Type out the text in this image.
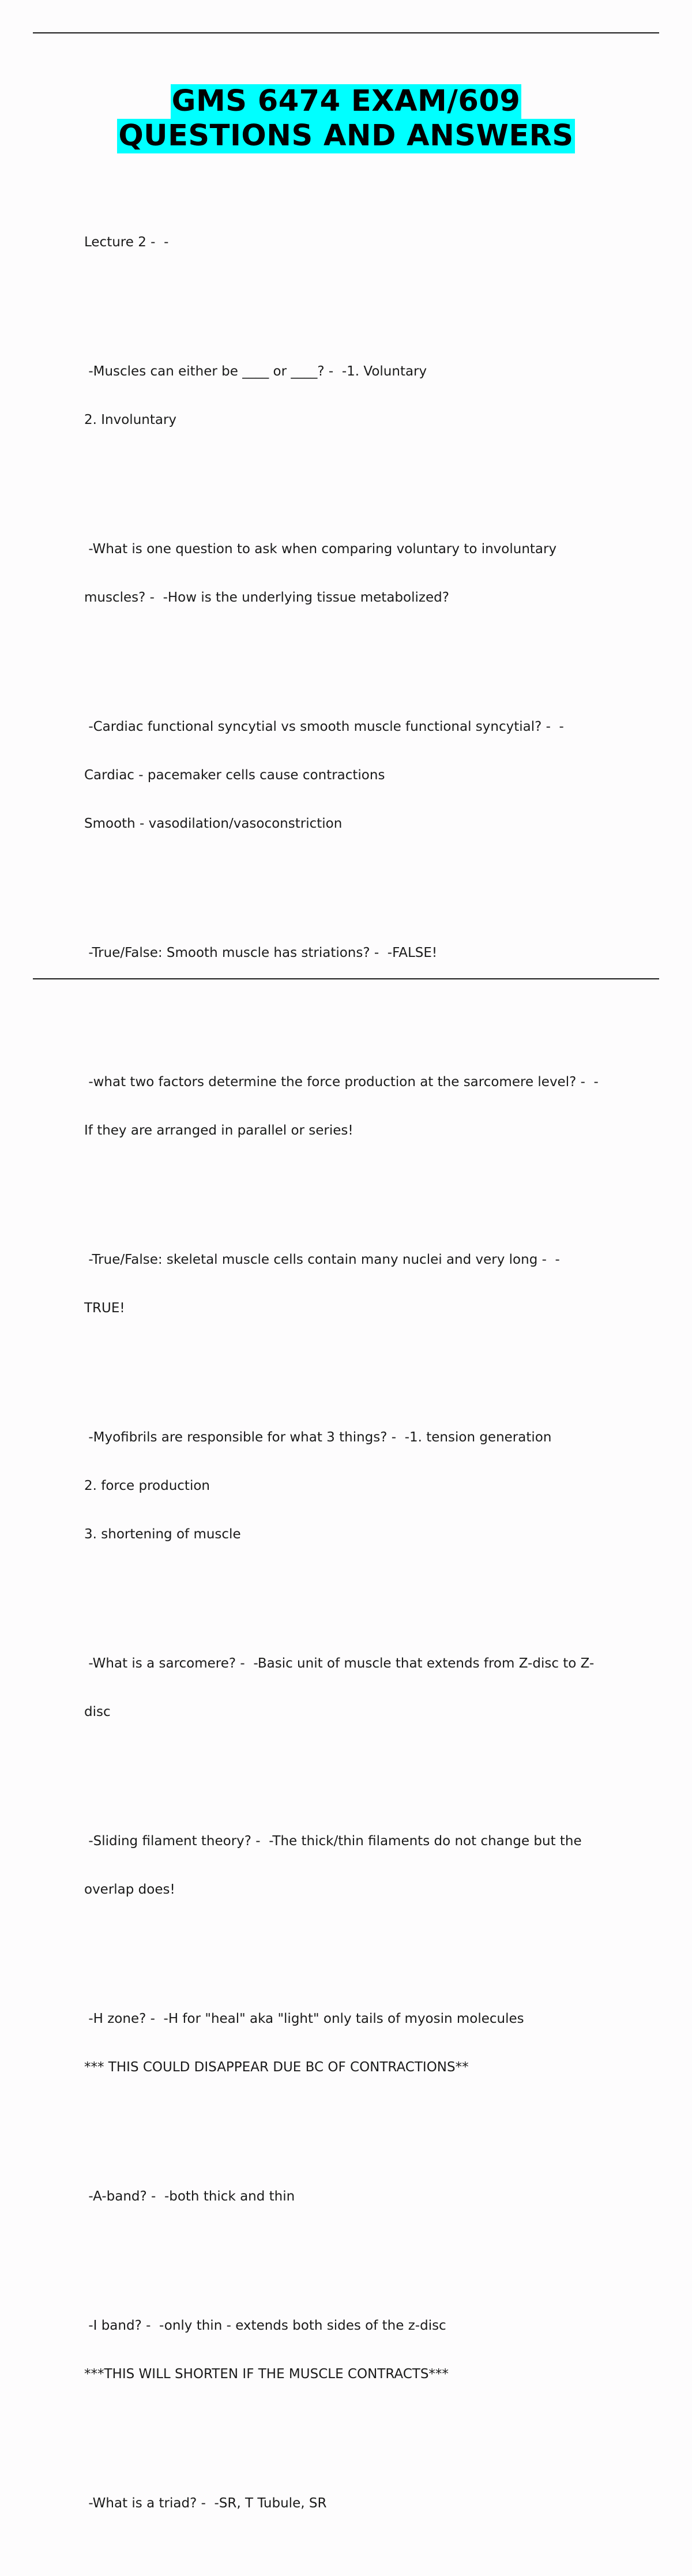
GMS 6474 EXAM/609
QUESTIONS AND ANSWERS

Lecture 2 -  -

-Muscles can either be ____ or ____? -  -1. Voluntary

2. Involuntary

-What is one question to ask when comparing voluntary to involuntary

muscles? -  -How is the underlying tissue metabolized?

-Cardiac functional syncytial vs smooth muscle functional syncytial? -  -

Cardiac - pacemaker cells cause contractions

Smooth - vasodilation/vasoconstriction

-True/False: Smooth muscle has striations? -  -FALSE!

-what two factors determine the force production at the sarcomere level? -  -

If they are arranged in parallel or series!

-True/False: skeletal muscle cells contain many nuclei and very long -  -

TRUE!

-Myofibrils are responsible for what 3 things? -  -1. tension generation

2. force production

3. shortening of muscle

-What is a sarcomere? -  -Basic unit of muscle that extends from Z-disc to Z-

disc

-Sliding filament theory? -  -The thick/thin filaments do not change but the

overlap does!

-H zone? -  -H for "heal" aka "light" only tails of myosin molecules

*** THIS COULD DISAPPEAR DUE BC OF CONTRACTIONS**

-A-band? -  -both thick and thin

-I band? -  -only thin - extends both sides of the z-disc

***THIS WILL SHORTEN IF THE MUSCLE CONTRACTS***

-What is a triad? -  -SR, T Tubule, SR
